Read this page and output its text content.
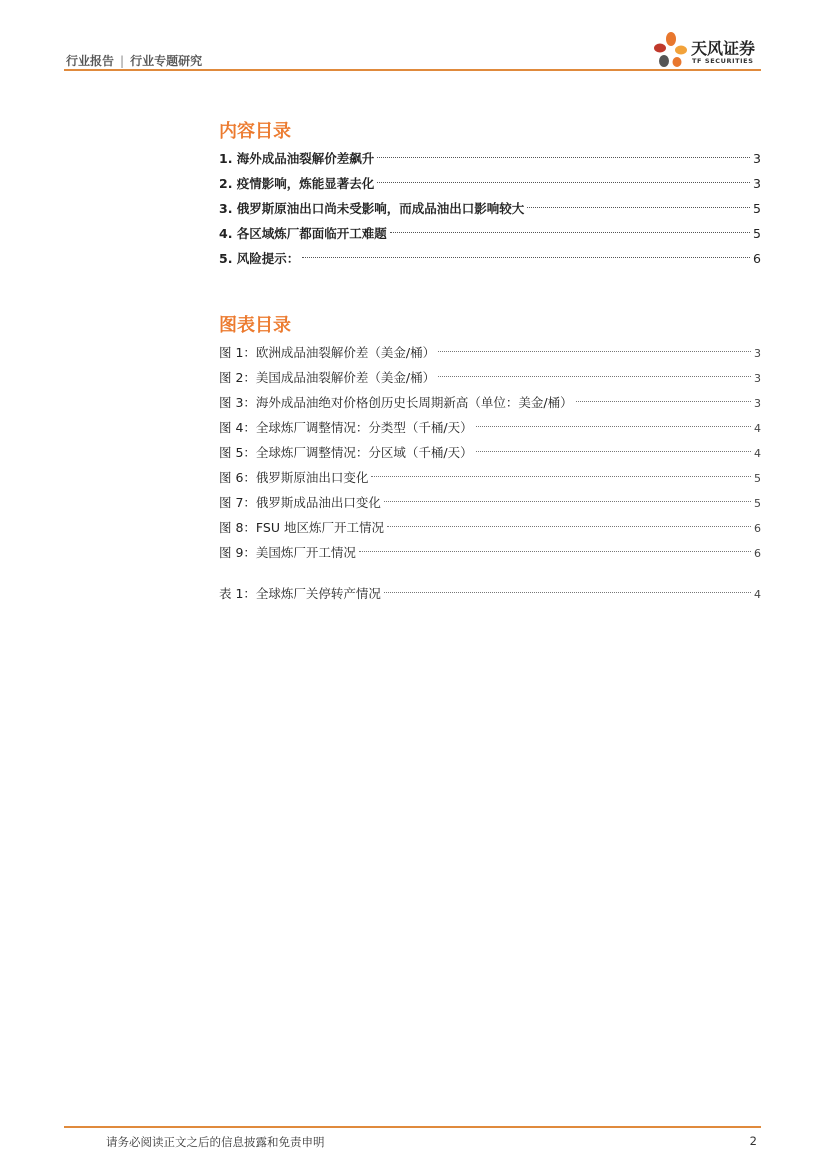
行业报告 | 行业专题研究
天风证券
TF SECURITIES
内容目录
1. 海外成品油裂解价差飙升	3
2. 疫情影响，炼能显著去化	3
3. 俄罗斯原油出口尚未受影响，而成品油出口影响较大	5
4. 各区域炼厂都面临开工难题	5
5. 风险提示：	6
图表目录
图 1：欧洲成品油裂解价差（美金/桶）	3
图 2：美国成品油裂解价差（美金/桶）	3
图 3：海外成品油绝对价格创历史长周期新高（单位：美金/桶）	3
图 4：全球炼厂调整情况：分类型（千桶/天）	4
图 5：全球炼厂调整情况：分区域（千桶/天）	4
图 6：俄罗斯原油出口变化	5
图 7：俄罗斯成品油出口变化	5
图 8：FSU 地区炼厂开工情况	6
图 9：美国炼厂开工情况	6
表 1：全球炼厂关停转产情况	4
请务必阅读正文之后的信息披露和免责申明	2
